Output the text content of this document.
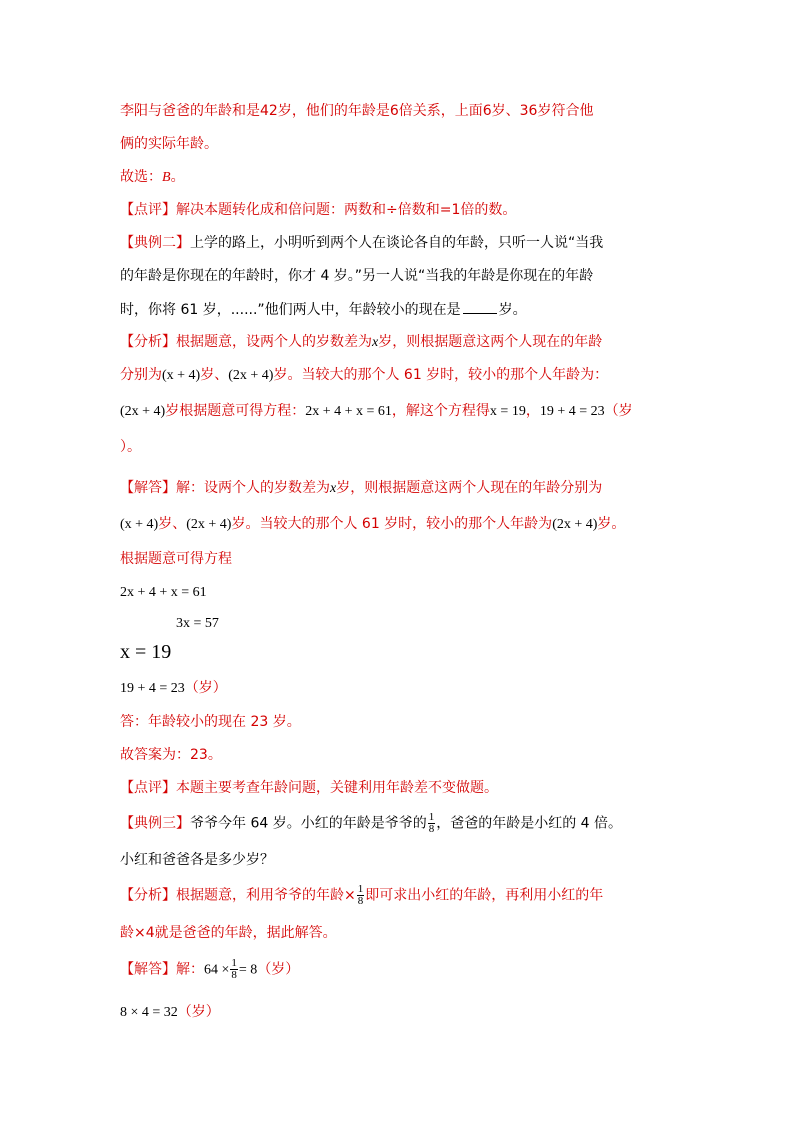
李阳与爸爸的年龄和是42岁，他们的年龄是6倍关系，上面6岁、36岁符合他
俩的实际年龄。
故选：B。
【点评】解决本题转化成和倍问题：两数和÷倍数和=1倍的数。
【典例二】上学的路上，小明听到两个人在谈论各自的年龄，只听一人说“当我
的年龄是你现在的年龄时，你才 4 岁。”另一人说“当我的年龄是你现在的年龄
时，你将 61 岁，......”他们两人中，年龄较小的现在是	岁。
【分析】根据题意，设两个人的岁数差为x岁，则根据题意这两个人现在的年龄
分别为(x + 4)岁、(2x + 4)岁。当较大的那个人 61 岁时，较小的那个人年龄为：
(2x + 4)岁根据题意可得方程：2x + 4 + x = 61，解这个方程得x = 19，19 + 4 = 23（岁
）。
【解答】解：设两个人的岁数差为x岁，则根据题意这两个人现在的年龄分别为
(x + 4)岁、(2x + 4)岁。当较大的那个人 61 岁时，较小的那个人年龄为(2x + 4)岁。
根据题意可得方程
2x + 4 + x = 61
3x = 57
x = 19
19 + 4 = 23（岁）
答：年龄较小的现在 23 岁。
故答案为：23。
【点评】本题主要考查年龄问题，关键利用年龄差不变做题。
【典例三】爷爷今年 64 岁。小红的年龄是爷爷的 $\frac{1}{8}$ ，爸爸的年龄是小红的 4 倍。
小红和爸爸各是多少岁？
【分析】根据题意，利用爷爷的年龄× $\frac{1}{8}$ 即可求出小红的年龄，再利用小红的年
龄×4就是爸爸的年龄，据此解答。
【解答】解：$64 \times \frac{1}{8} = 8$（岁）
8 × 4 = 32（岁）
